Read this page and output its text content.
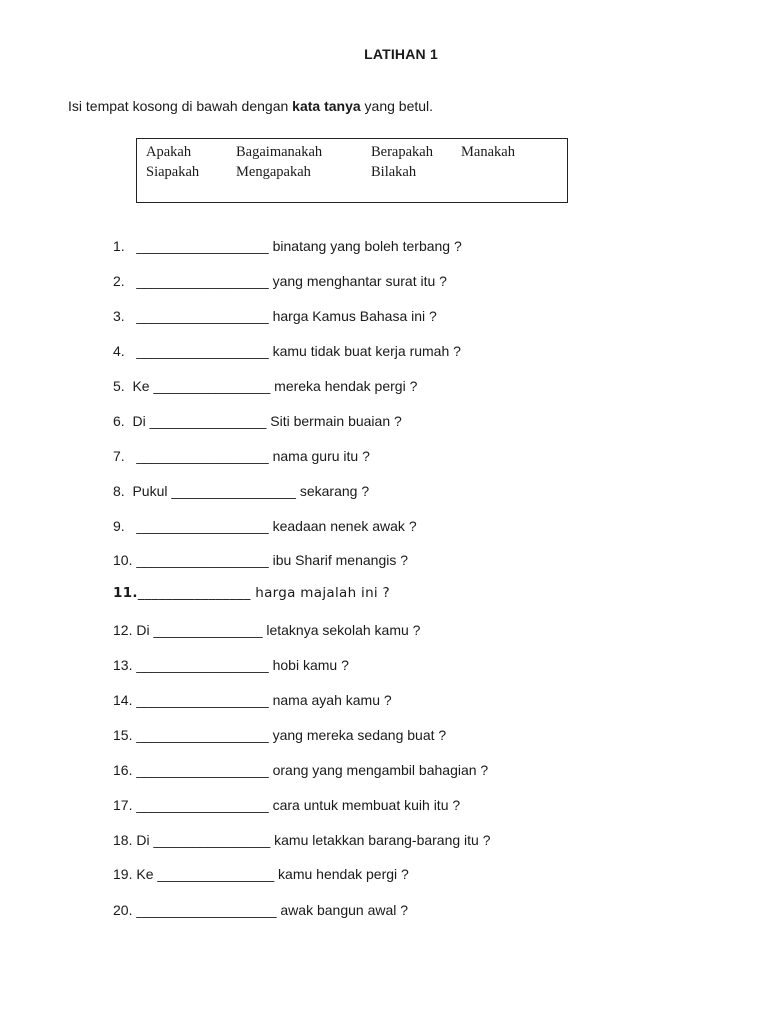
LATIHAN 1
Isi tempat kosong di bawah dengan kata tanya yang betul.
Apakah	Bagaimanakah	Berapakah Manakah
Siapakah	Mengapakah	Bilakah
1.   _________________ binatang yang boleh terbang ?
2.   _________________ yang menghantar surat itu ?
3.   _________________ harga Kamus Bahasa ini ?
4.   _________________ kamu tidak buat kerja rumah ?
5.  Ke _______________ mereka hendak pergi ?
6.  Di _______________ Siti bermain buaian ?
7.   _________________ nama guru itu ?
8.  Pukul ________________ sekarang ?
9.   _________________ keadaan nenek awak ?
10. _________________ ibu Sharif menangis ?
11.________________ harga majalah ini ?
12. Di ______________ letaknya sekolah kamu ?
13. _________________ hobi kamu ?
14. _________________ nama ayah kamu ?
15. _________________ yang mereka sedang buat ?
16. _________________ orang yang mengambil bahagian ?
17. _________________ cara untuk membuat kuih itu ?
18. Di _______________ kamu letakkan barang-barang itu ?
19. Ke _______________ kamu hendak pergi ?
20. __________________ awak bangun awal ?
